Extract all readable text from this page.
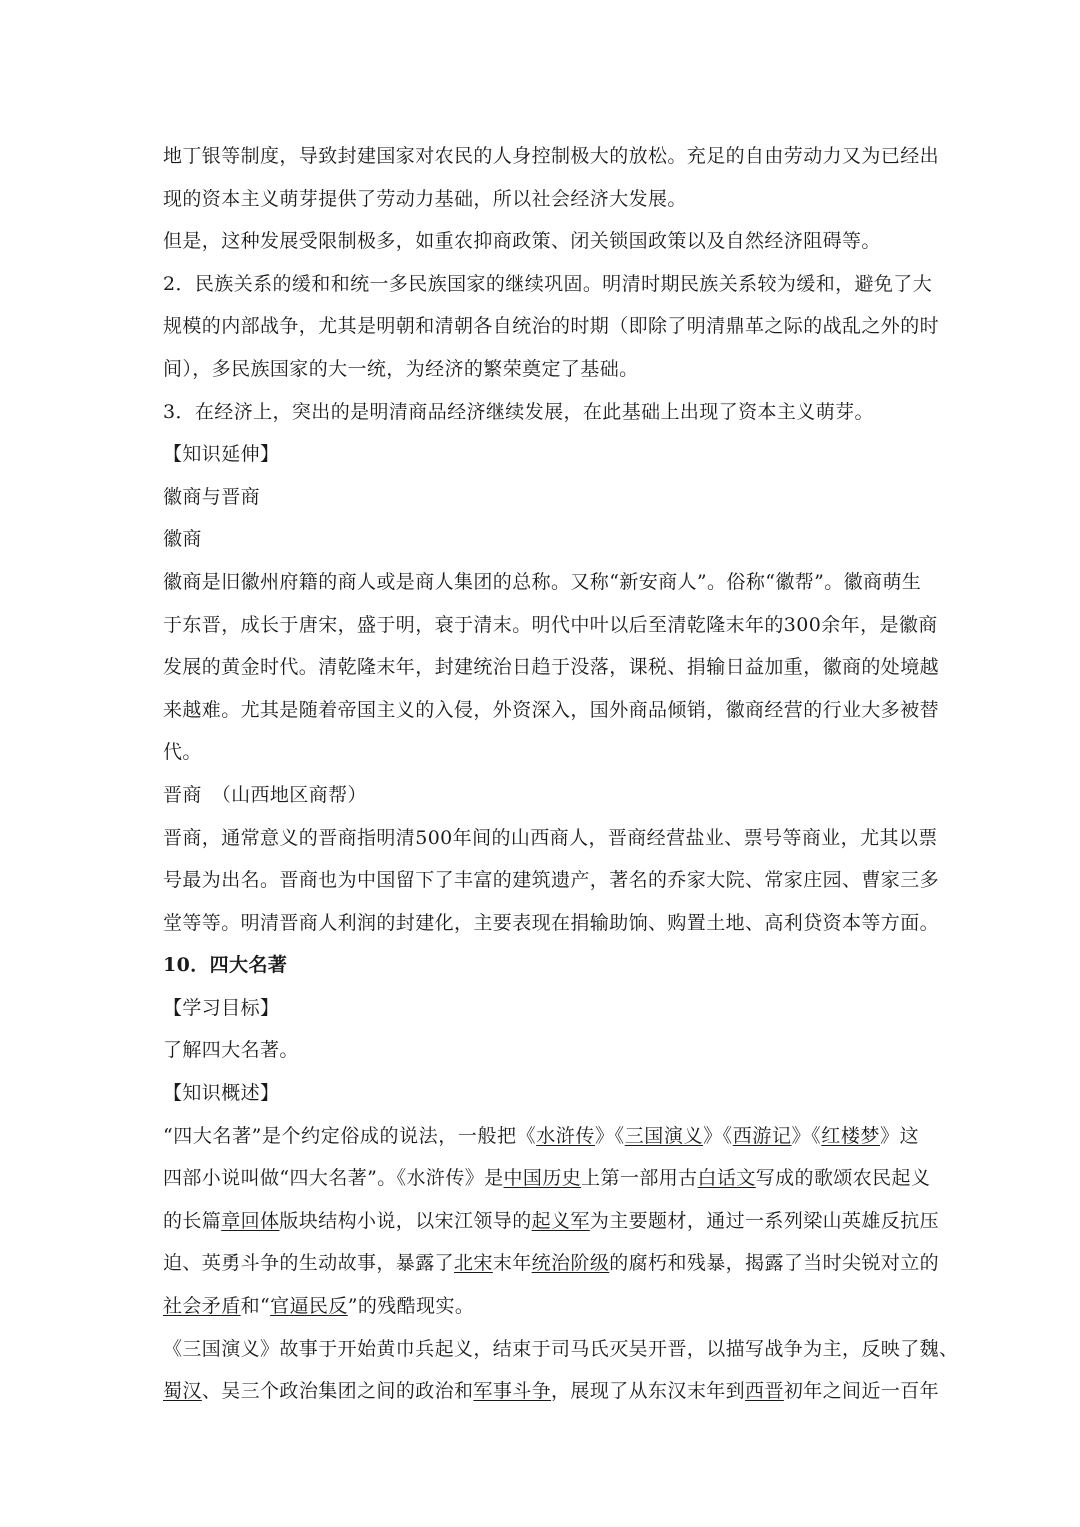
地丁银等制度，导致封建国家对农民的人身控制极大的放松。充足的自由劳动力又为已经出
现的资本主义萌芽提供了劳动力基础，所以社会经济大发展。
但是，这种发展受限制极多，如重农抑商政策、闭关锁国政策以及自然经济阻碍等。
2．民族关系的缓和和统一多民族国家的继续巩固。明清时期民族关系较为缓和，避免了大
规模的内部战争，尤其是明朝和清朝各自统治的时期（即除了明清鼎革之际的战乱之外的时
间），多民族国家的大一统，为经济的繁荣奠定了基础。
3．在经济上，突出的是明清商品经济继续发展，在此基础上出现了资本主义萌芽。
【知识延伸】
徽商与晋商
徽商
徽商是旧徽州府籍的商人或是商人集团的总称。又称“新安商人”。俗称“徽帮”。徽商萌生
于东晋，成长于唐宋，盛于明，衰于清末。明代中叶以后至清乾隆末年的300余年，是徽商
发展的黄金时代。清乾隆末年，封建统治日趋于没落，课税、捐输日益加重，徽商的处境越
来越难。尤其是随着帝国主义的入侵，外资深入，国外商品倾销，徽商经营的行业大多被替
代。
晋商　（山西地区商帮）
晋商，通常意义的晋商指明清500年间的山西商人，晋商经营盐业、票号等商业，尤其以票
号最为出名。晋商也为中国留下了丰富的建筑遗产，著名的乔家大院、常家庄园、曹家三多
堂等等。明清晋商人利润的封建化，主要表现在捐输助饷、购置土地、高利贷资本等方面。
10．四大名著
【学习目标】
了解四大名著。
【知识概述】
“四大名著”是个约定俗成的说法，一般把《水浒传》《三国演义》《西游记》《红楼梦》这
四部小说叫做“四大名著”。《水浒传》是中国历史上第一部用古白话文写成的歌颂农民起义
的长篇章回体版块结构小说，以宋江领导的起义军为主要题材，通过一系列梁山英雄反抗压
迫、英勇斗争的生动故事，暴露了北宋末年统治阶级的腐朽和残暴，揭露了当时尖锐对立的
社会矛盾和“官逼民反”的残酷现实。
《三国演义》故事于开始黄巾兵起义，结束于司马氏灭吴开晋，以描写战争为主，反映了魏、
蜀汉、吴三个政治集团之间的政治和军事斗争，展现了从东汉末年到西晋初年之间近一百年
